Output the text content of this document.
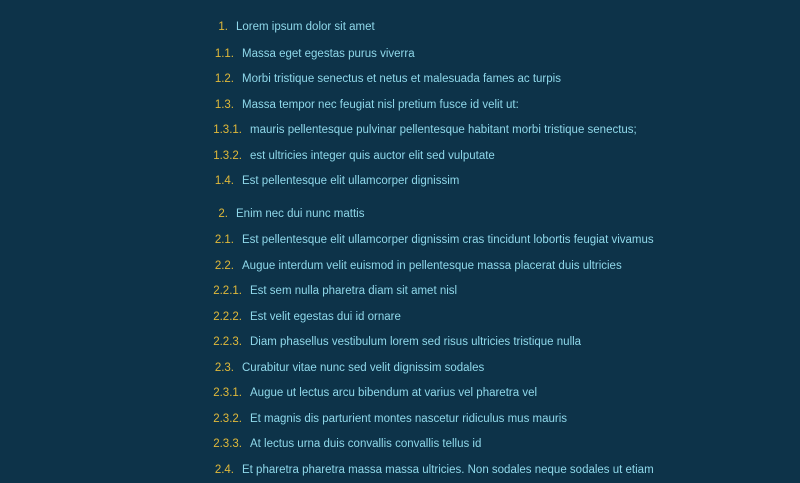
1. Lorem ipsum dolor sit amet
1.1. Massa eget egestas purus viverra
1.2. Morbi tristique senectus et netus et malesuada fames ac turpis
1.3. Massa tempor nec feugiat nisl pretium fusce id velit ut:
1.3.1. mauris pellentesque pulvinar pellentesque habitant morbi tristique senectus;
1.3.2. est ultricies integer quis auctor elit sed vulputate
1.4. Est pellentesque elit ullamcorper dignissim
2. Enim nec dui nunc mattis
2.1. Est pellentesque elit ullamcorper dignissim cras tincidunt lobortis feugiat vivamus
2.2. Augue interdum velit euismod in pellentesque massa placerat duis ultricies
2.2.1. Est sem nulla pharetra diam sit amet nisl
2.2.2. Est velit egestas dui id ornare
2.2.3. Diam phasellus vestibulum lorem sed risus ultricies tristique nulla
2.3. Curabitur vitae nunc sed velit dignissim sodales
2.3.1. Augue ut lectus arcu bibendum at varius vel pharetra vel
2.3.2. Et magnis dis parturient montes nascetur ridiculus mus mauris
2.3.3. At lectus urna duis convallis convallis tellus id
2.4. Et pharetra pharetra massa massa ultricies. Non sodales neque sodales ut etiam
